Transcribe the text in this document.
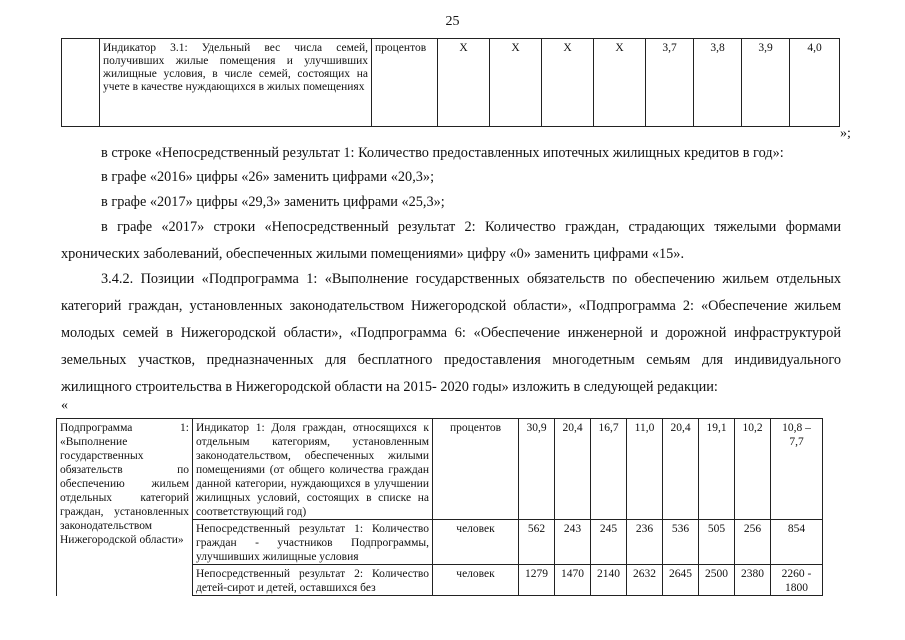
25
	Индикатор 3.1: Удельный вес числа семей, получивших жилые помещения и улучшивших жилищные условия, в числе семей, состоящих на учете в качестве нуждающихся в жилых помещениях	процентов	Х	Х	Х	Х	3,7	3,8	3,9	4,0
»;
в строке «Непосредственный результат 1: Количество предоставленных ипотечных жилищных кредитов в год»:
в графе «2016» цифры «26» заменить цифрами «20,3»;
в графе «2017» цифры «29,3» заменить цифрами «25,3»;
в графе «2017» строки «Непосредственный результат 2: Количество граждан, страдающих тяжелыми формами хронических заболеваний, обеспеченных жилыми помещениями» цифру «0» заменить цифрами «15».
3.4.2. Позиции «Подпрограмма 1: «Выполнение государственных обязательств по обеспечению жильем отдельных категорий граждан, установленных законодательством Нижегородской области», «Подпрограмма 2: «Обеспечение жильем молодых семей в Нижегородской области», «Подпрограмма 6: «Обеспечение инженерной и дорожной инфраструктурой земельных участков, предназначенных для бесплатного предоставления многодетным семьям для индивидуального жилищного строительства в Нижегородской области на 2015- 2020 годы» изложить в следующей редакции:
«
Подпрограмма 1: «Выполнение государственных обязательств по обеспечению жильем отдельных категорий граждан, установленных законодательством Нижегородской области»	Индикатор 1: Доля граждан, относящихся к отдельным категориям, установленным законодательством, обеспеченных жилыми помещениями (от общего количества граждан данной категории, нуждающихся в улучшении жилищных условий, состоящих в списке на соответствующий год)	процентов	30,9	20,4	16,7	11,0	20,4	19,1	10,2	10,8 – 7,7
	Непосредственный результат 1: Количество граждан - участников Подпрограммы, улучшивших жилищные условия	человек	562	243	245	236	536	505	256	854
	Непосредственный результат 2: Количество детей-сирот и детей, оставшихся без	человек	1279	1470	2140	2632	2645	2500	2380	2260 - 1800
